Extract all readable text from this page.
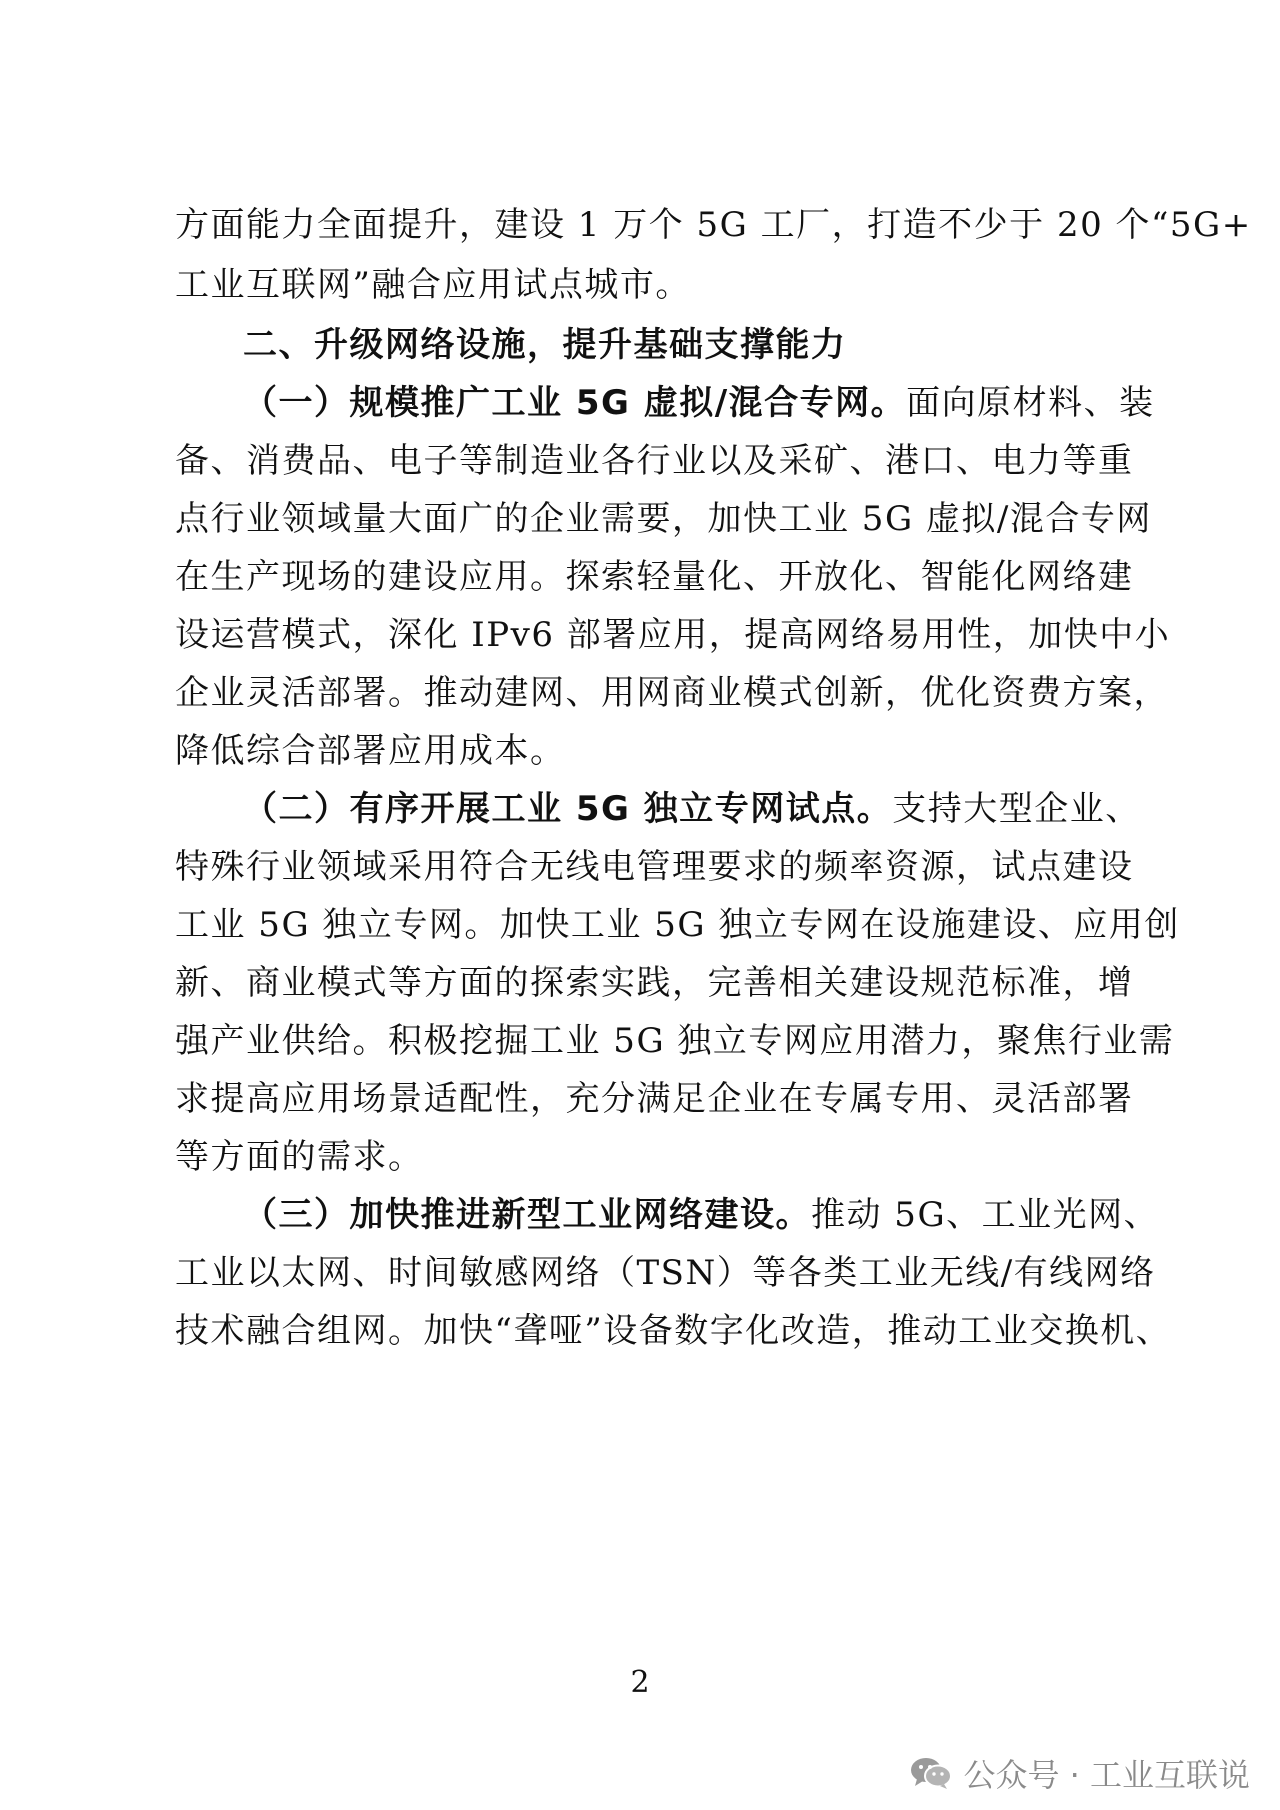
方面能力全面提升，建设 1 万个 5G 工厂，打造不少于 20 个“5G+
工业互联网”融合应用试点城市。
二、升级网络设施，提升基础支撑能力
（一）规模推广工业 5G 虚拟/混合专网。面向原材料、装
备、消费品、电子等制造业各行业以及采矿、港口、电力等重
点行业领域量大面广的企业需要，加快工业 5G 虚拟/混合专网
在生产现场的建设应用。探索轻量化、开放化、智能化网络建
设运营模式，深化 IPv6 部署应用，提高网络易用性，加快中小
企业灵活部署。推动建网、用网商业模式创新，优化资费方案，
降低综合部署应用成本。
（二）有序开展工业 5G 独立专网试点。支持大型企业、
特殊行业领域采用符合无线电管理要求的频率资源，试点建设
工业 5G 独立专网。加快工业 5G 独立专网在设施建设、应用创
新、商业模式等方面的探索实践，完善相关建设规范标准，增
强产业供给。积极挖掘工业 5G 独立专网应用潜力，聚焦行业需
求提高应用场景适配性，充分满足企业在专属专用、灵活部署
等方面的需求。
（三）加快推进新型工业网络建设。推动 5G、工业光网、
工业以太网、时间敏感网络（TSN）等各类工业无线/有线网络
技术融合组网。加快“聋哑”设备数字化改造，推动工业交换机、
2
公众号 · 工业互联说
